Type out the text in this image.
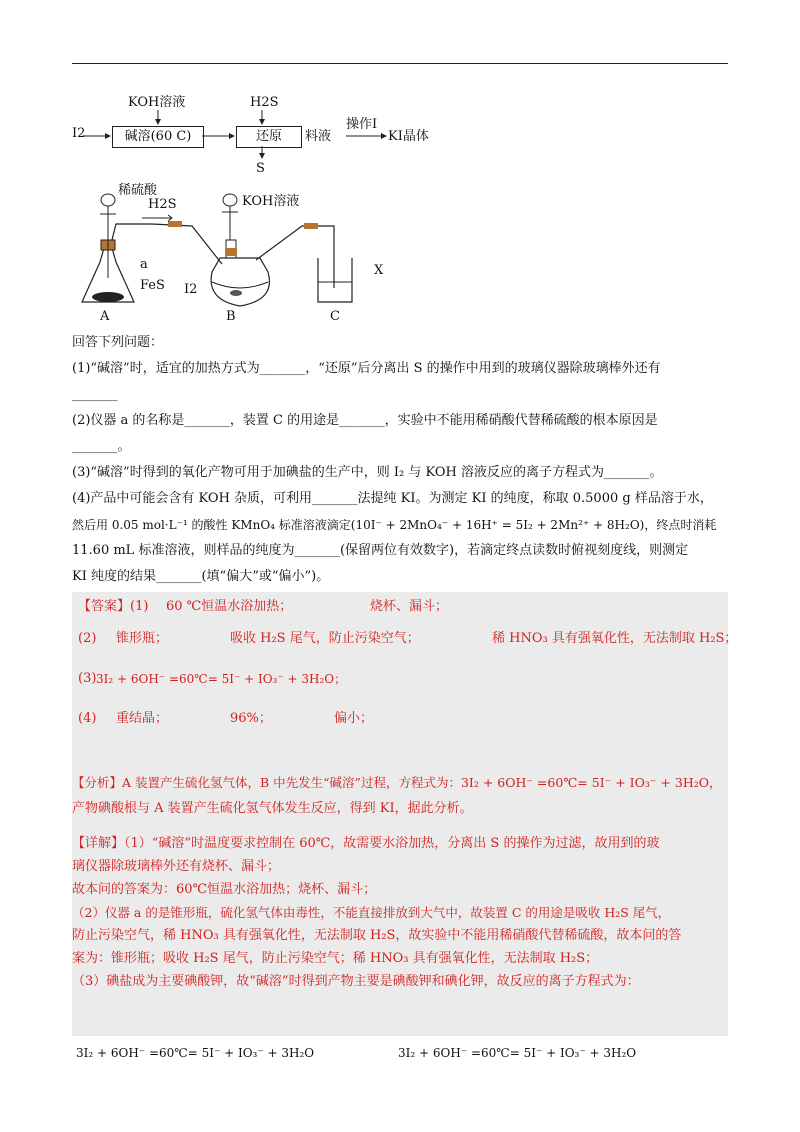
I2
KOH溶液
碱溶(60 C)
H2S
还原
S
料液
操作I
KI晶体
稀硫酸
H2S	KOH溶液
a
FeS I2
X
A	B	C
回答下列问题：
(1)“碱溶”时，适宜的加热方式为_______，“还原”后分离出 S 的操作中用到的玻璃仪器除玻璃棒外还有
_______
(2)仪器 a 的名称是_______，装置 C 的用途是_______，实验中不能用稀硝酸代替稀硫酸的根本原因是
_______。
(3)“碱溶”时得到的氧化产物可用于加碘盐的生产中，则 I₂ 与 KOH 溶液反应的离子方程式为_______。
(4)产品中可能会含有 KOH 杂质，可利用_______法提纯 KI。为测定 KI 的纯度，称取 0.5000 g 样品溶于水，
然后用 0.05 mol·L⁻¹ 的酸性 KMnO₄ 标准溶液滴定(10I⁻ + 2MnO₄⁻ + 16H⁺ = 5I₂ + 2Mn²⁺ + 8H₂O)，终点时消耗
11.60 mL 标准溶液，则样品的纯度为_______(保留两位有效数字)，若滴定终点读数时俯视刻度线，则测定
KI 纯度的结果_______(填“偏大”或“偏小”)。
【答案】(1) 60 ℃恒温水浴加热；	烧杯、漏斗；
(2) 锥形瓶；	吸收 H₂S 尾气，防止污染空气；	稀 HNO₃ 具有强氧化性，无法制取 H₂S；
(3) 3I₂ + 6OH⁻ =60℃= 5I⁻ + IO₃⁻ + 3H₂O；
(4) 重结晶；	96%；	偏小；
【分析】A 装置产生硫化氢气体，B 中先发生“碱溶”过程，方程式为：3I₂ + 6OH⁻ =60℃= 5I⁻ + IO₃⁻ + 3H₂O，
产物碘酸根与 A 装置产生硫化氢气体发生反应，得到 KI，据此分析。
【详解】（1）“碱溶”时温度要求控制在 60℃，故需要水浴加热，分离出 S 的操作为过滤，故用到的玻
璃仪器除玻璃棒外还有烧杯、漏斗；
故本问的答案为：60℃恒温水浴加热；烧杯、漏斗；
（2）仪器 a 的是锥形瓶，硫化氢气体由毒性，不能直接排放到大气中，故装置 C 的用途是吸收 H₂S 尾气，
防止污染空气，稀 HNO₃ 具有强氧化性，无法制取 H₂S，故实验中不能用稀硝酸代替稀硫酸，故本问的答
案为：锥形瓶；吸收 H₂S 尾气，防止污染空气；稀 HNO₃ 具有强氧化性，无法制取 H₂S；
（3）碘盐成为主要碘酸钾，故“碱溶”时得到产物主要是碘酸钾和碘化钾，故反应的离子方程式为：
3I₂ + 6OH⁻ =60℃= 5I⁻ + IO₃⁻ + 3H₂O	3I₂ + 6OH⁻ =60℃= 5I⁻ + IO₃⁻ + 3H₂O
